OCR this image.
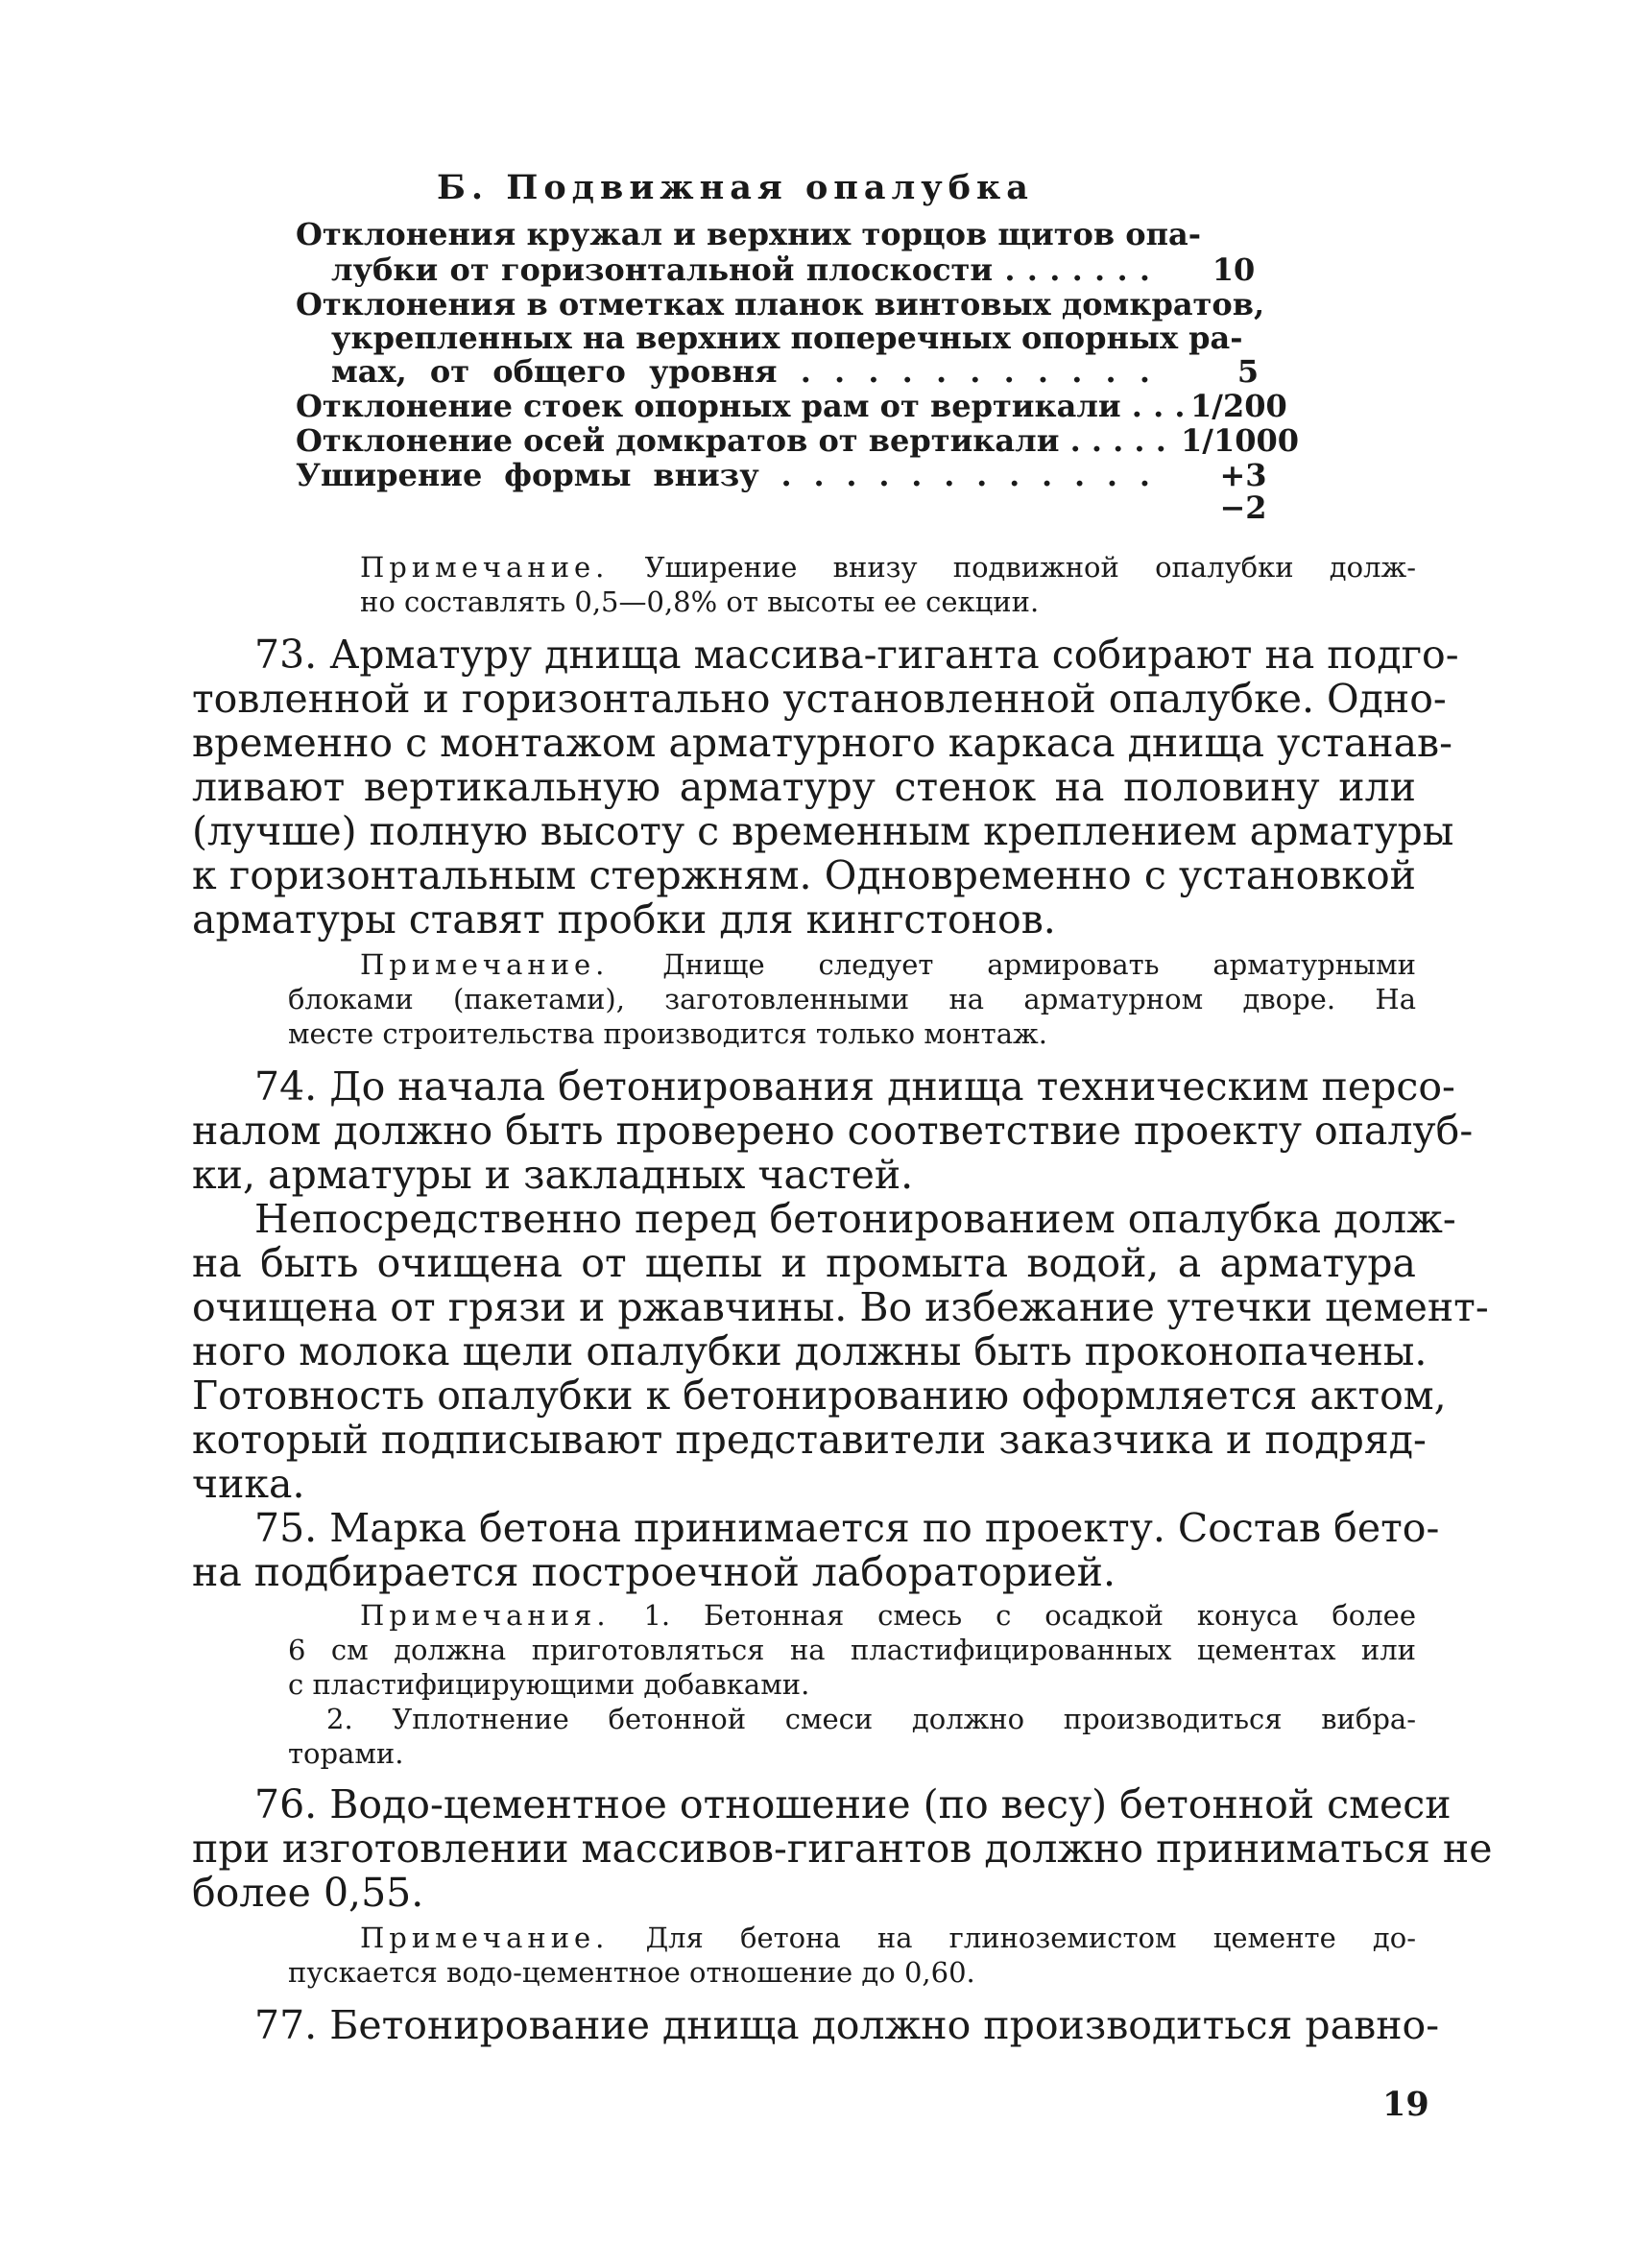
Б. Подвижная опалубка
Отклонения кружал и верхних торцов щитов опа-
лубки от горизонтальной плоскости . . . . . . .	10
Отклонения в отметках планок винтовых домкратов,
укрепленных на верхних поперечных опорных ра-
мах, от общего уровня . . . . . . . . . . .	5
Отклонение стоек опорных рам от вертикали . . . 1/200
Отклонение осей домкратов от вертикали . . . . . 1/1000
Уширение формы внизу . . . . . . . . . . . .	+3
−2
Примечание. Уширение внизу подвижной опалубки долж-
но составлять 0,5—0,8% от высоты ее секции.
73. Арматуру днища массива-гиганта собирают на подго-
товленной и горизонтально установленной опалубке. Одно-
временно с монтажом арматурного каркаса днища устанав-
ливают вертикальную арматуру стенок на половину или
(лучше) полную высоту с временным креплением арматуры
к горизонтальным стержням. Одновременно с установкой
арматуры ставят пробки для кингстонов.
Примечание. Днище следует армировать арматурными
блоками (пакетами), заготовленными на арматурном дворе. На
месте строительства производится только монтаж.
74. До начала бетонирования днища техническим персо-
налом должно быть проверено соответствие проекту опалуб-
ки, арматуры и закладных частей.
Непосредственно перед бетонированием опалубка долж-
на быть очищена от щепы и промыта водой, а арматура
очищена от грязи и ржавчины. Во избежание утечки цемент-
ного молока щели опалубки должны быть проконопачены.
Готовность опалубки к бетонированию оформляется актом,
который подписывают представители заказчика и подряд-
чика.
75. Марка бетона принимается по проекту. Состав бето-
на подбирается построечной лабораторией.
Примечания. 1. Бетонная смесь с осадкой конуса более
6 см должна приготовляться на пластифицированных цементах или
с пластифицирующими добавками.
2. Уплотнение бетонной смеси должно производиться вибра-
торами.
76. Водо-цементное отношение (по весу) бетонной смеси
при изготовлении массивов-гигантов должно приниматься не
более 0,55.
Примечание. Для бетона на глиноземистом цементе до-
пускается водо-цементное отношение до 0,60.
77. Бетонирование днища должно производиться равно-
19
